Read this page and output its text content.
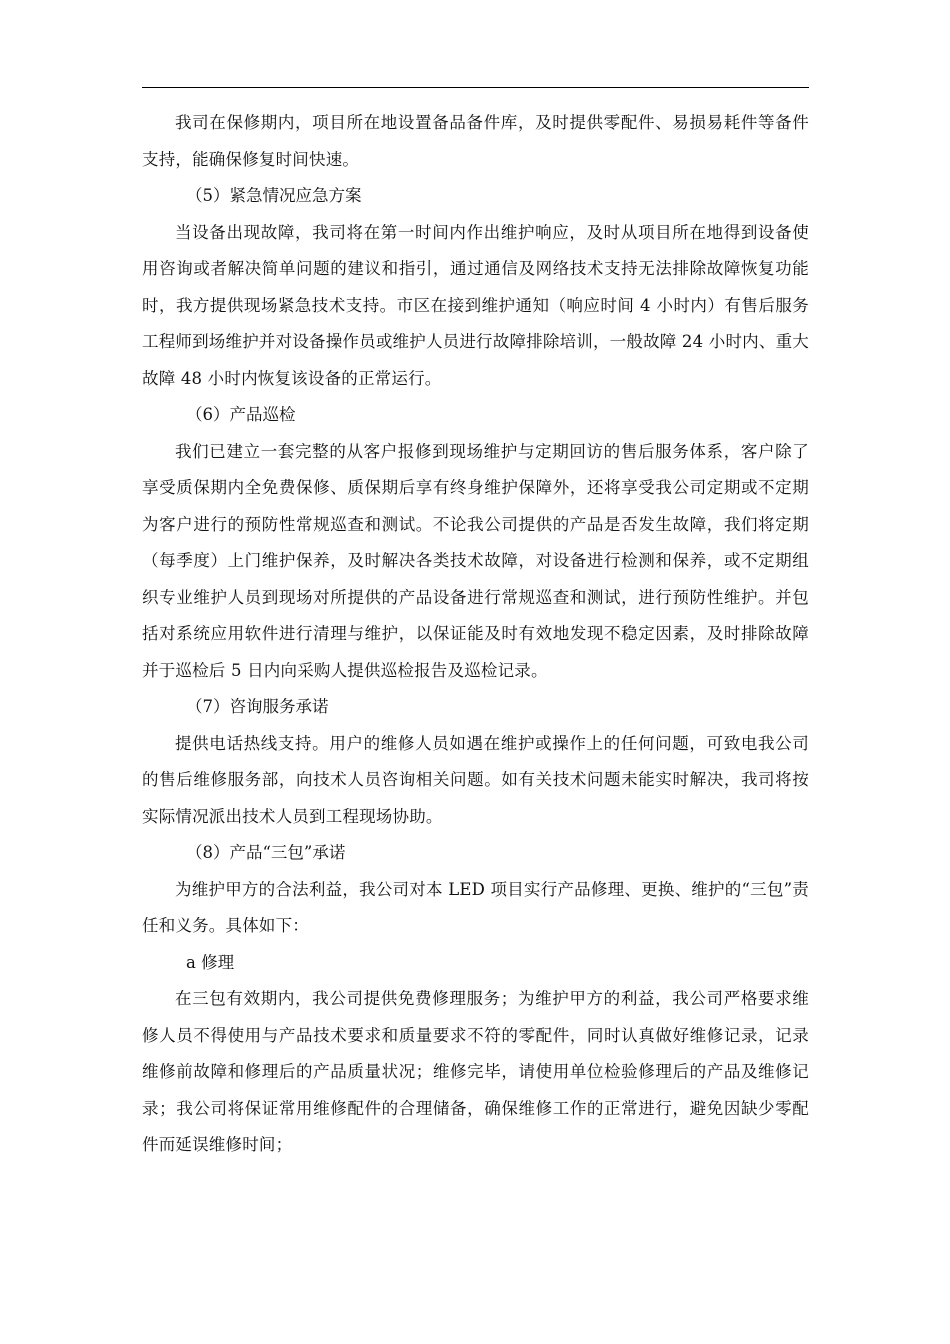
我司在保修期内，项目所在地设置备品备件库，及时提供零配件、易损易耗件等备件支持，能确保修复时间快速。

（5）紧急情况应急方案

当设备出现故障，我司将在第一时间内作出维护响应，及时从项目所在地得到设备使用咨询或者解决简单问题的建议和指引，通过通信及网络技术支持无法排除故障恢复功能时，我方提供现场紧急技术支持。市区在接到维护通知（响应时间 4 小时内）有售后服务工程师到场维护并对设备操作员或维护人员进行故障排除培训，一般故障 24 小时内、重大故障 48 小时内恢复该设备的正常运行。

（6）产品巡检

我们已建立一套完整的从客户报修到现场维护与定期回访的售后服务体系，客户除了享受质保期内全免费保修、质保期后享有终身维护保障外，还将享受我公司定期或不定期为客户进行的预防性常规巡查和测试。不论我公司提供的产品是否发生故障，我们将定期（每季度）上门维护保养，及时解决各类技术故障，对设备进行检测和保养，或不定期组织专业维护人员到现场对所提供的产品设备进行常规巡查和测试，进行预防性维护。并包括对系统应用软件进行清理与维护，以保证能及时有效地发现不稳定因素，及时排除故障并于巡检后 5 日内向采购人提供巡检报告及巡检记录。

（7）咨询服务承诺

提供电话热线支持。用户的维修人员如遇在维护或操作上的任何问题，可致电我公司的售后维修服务部，向技术人员咨询相关问题。如有关技术问题未能实时解决，我司将按实际情况派出技术人员到工程现场协助。

（8）产品“三包”承诺

为维护甲方的合法利益，我公司对本 LED 项目实行产品修理、更换、维护的“三包”责任和义务。具体如下：

a 修理

在三包有效期内，我公司提供免费修理服务；为维护甲方的利益，我公司严格要求维修人员不得使用与产品技术要求和质量要求不符的零配件，同时认真做好维修记录，记录维修前故障和修理后的产品质量状况；维修完毕，请使用单位检验修理后的产品及维修记录；我公司将保证常用维修配件的合理储备，确保维修工作的正常进行，避免因缺少零配件而延误维修时间；
